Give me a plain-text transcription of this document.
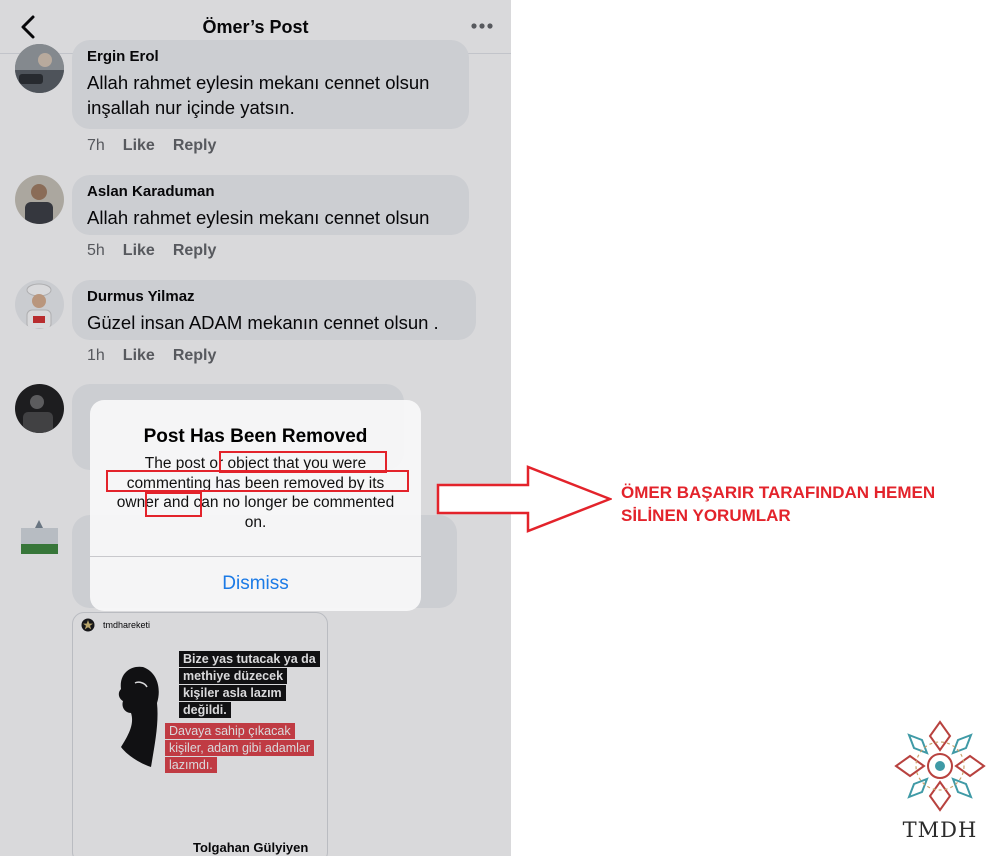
Ömer’s Post
Ergin Erol
Allah rahmet eylesin mekanı cennet olsun
inşallah nur içinde yatsın.
7h Like Reply
Aslan Karaduman
Allah rahmet eylesin mekanı cennet olsun
5h Like Reply
Durmus Yilmaz
Güzel insan ADAM mekanın cennet olsun .
1h Like Reply
tmdhareketi
Bize yas tutacak ya da methiye düzecek kişiler asla lazım değildi.
Davaya sahip çıkacak kişiler, adam gibi adamlar lazımdı.
Tolgahan Gülyiyen
Post Has Been Removed
The post or object that you were commenting has been removed by its owner and can no longer be commented on.
Dismiss
ÖMER BAŞARIR TARAFINDAN HEMEN SİLİNEN YORUMLAR
TMDH
